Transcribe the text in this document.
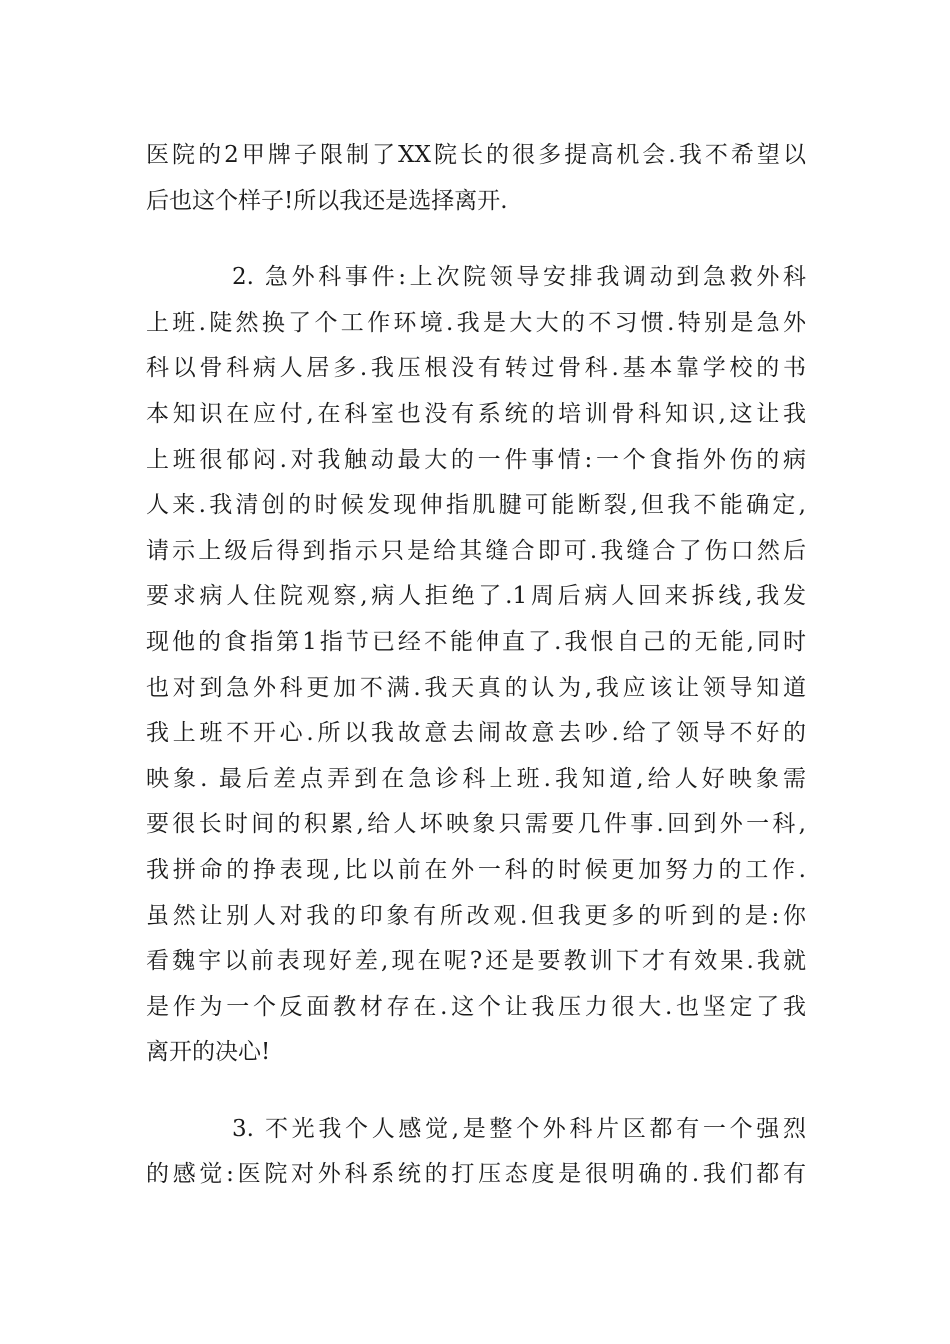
医院的2甲牌子限制了XX院长的很多提高机会.我不希望以
后也这个样子!所以我还是选择离开.
2. 急外科事件:上次院领导安排我调动到急救外科
上班.陡然换了个工作环境.我是大大的不习惯.特别是急外
科以骨科病人居多.我压根没有转过骨科.基本靠学校的书
本知识在应付,在科室也没有系统的培训骨科知识,这让我
上班很郁闷.对我触动最大的一件事情:一个食指外伤的病
人来.我清创的时候发现伸指肌腱可能断裂,但我不能确定,
请示上级后得到指示只是给其缝合即可.我缝合了伤口然后
要求病人住院观察,病人拒绝了.1周后病人回来拆线,我发
现他的食指第1指节已经不能伸直了.我恨自己的无能,同时
也对到急外科更加不满.我天真的认为,我应该让领导知道
我上班不开心.所以我故意去闹故意去吵.给了领导不好的
映象. 最后差点弄到在急诊科上班.我知道,给人好映象需
要很长时间的积累,给人坏映象只需要几件事.回到外一科,
我拼命的挣表现,比以前在外一科的时候更加努力的工作.
虽然让别人对我的印象有所改观.但我更多的听到的是:你
看魏宇以前表现好差,现在呢?还是要教训下才有效果.我就
是作为一个反面教材存在.这个让我压力很大.也坚定了我
离开的决心!
3. 不光我个人感觉,是整个外科片区都有一个强烈
的感觉:医院对外科系统的打压态度是很明确的.我们都有
